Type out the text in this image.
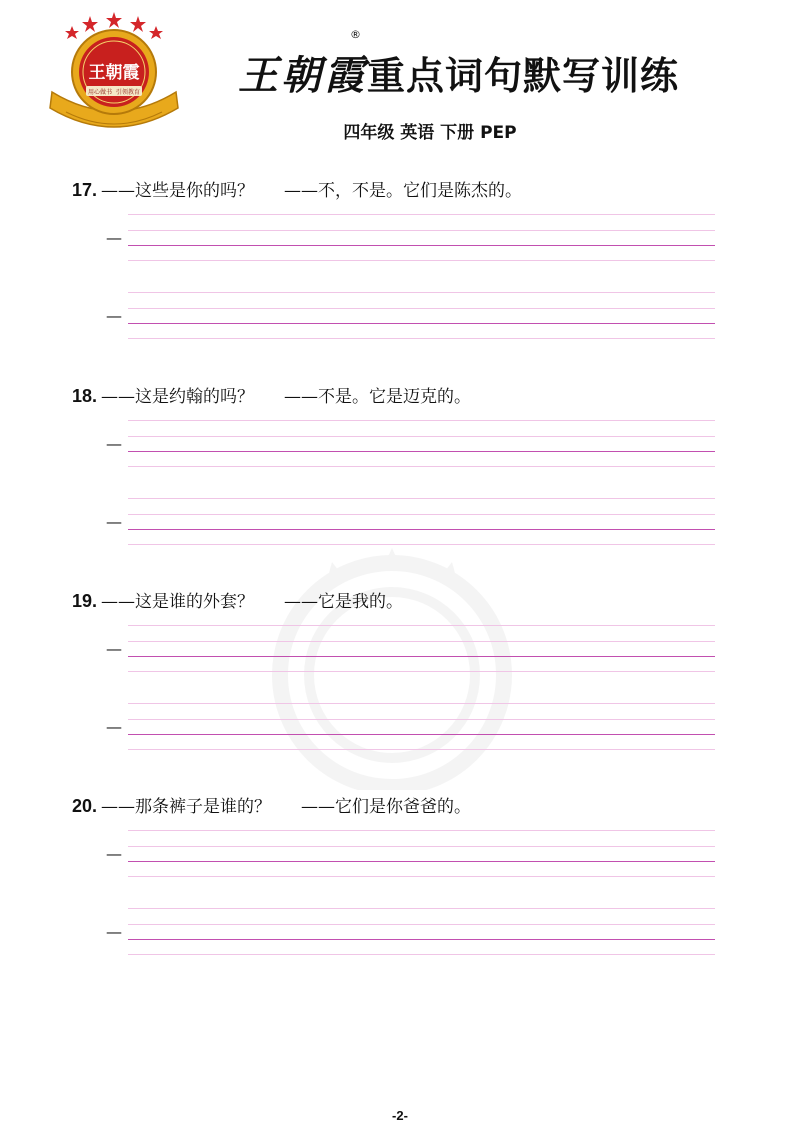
王朝霞
用心做书 引领教育 王朝霞重点词句默写训练
®
四年级 英语 下册 PEP
17. ——这些是你的吗？ ——不，不是。它们是陈杰的。
—
—
18. ——这是约翰的吗？ ——不是。它是迈克的。
—
—
19. ——这是谁的外套？ ——它是我的。
—
—
20. ——那条裤子是谁的？ ——它们是你爸爸的。
—
—
-2-
